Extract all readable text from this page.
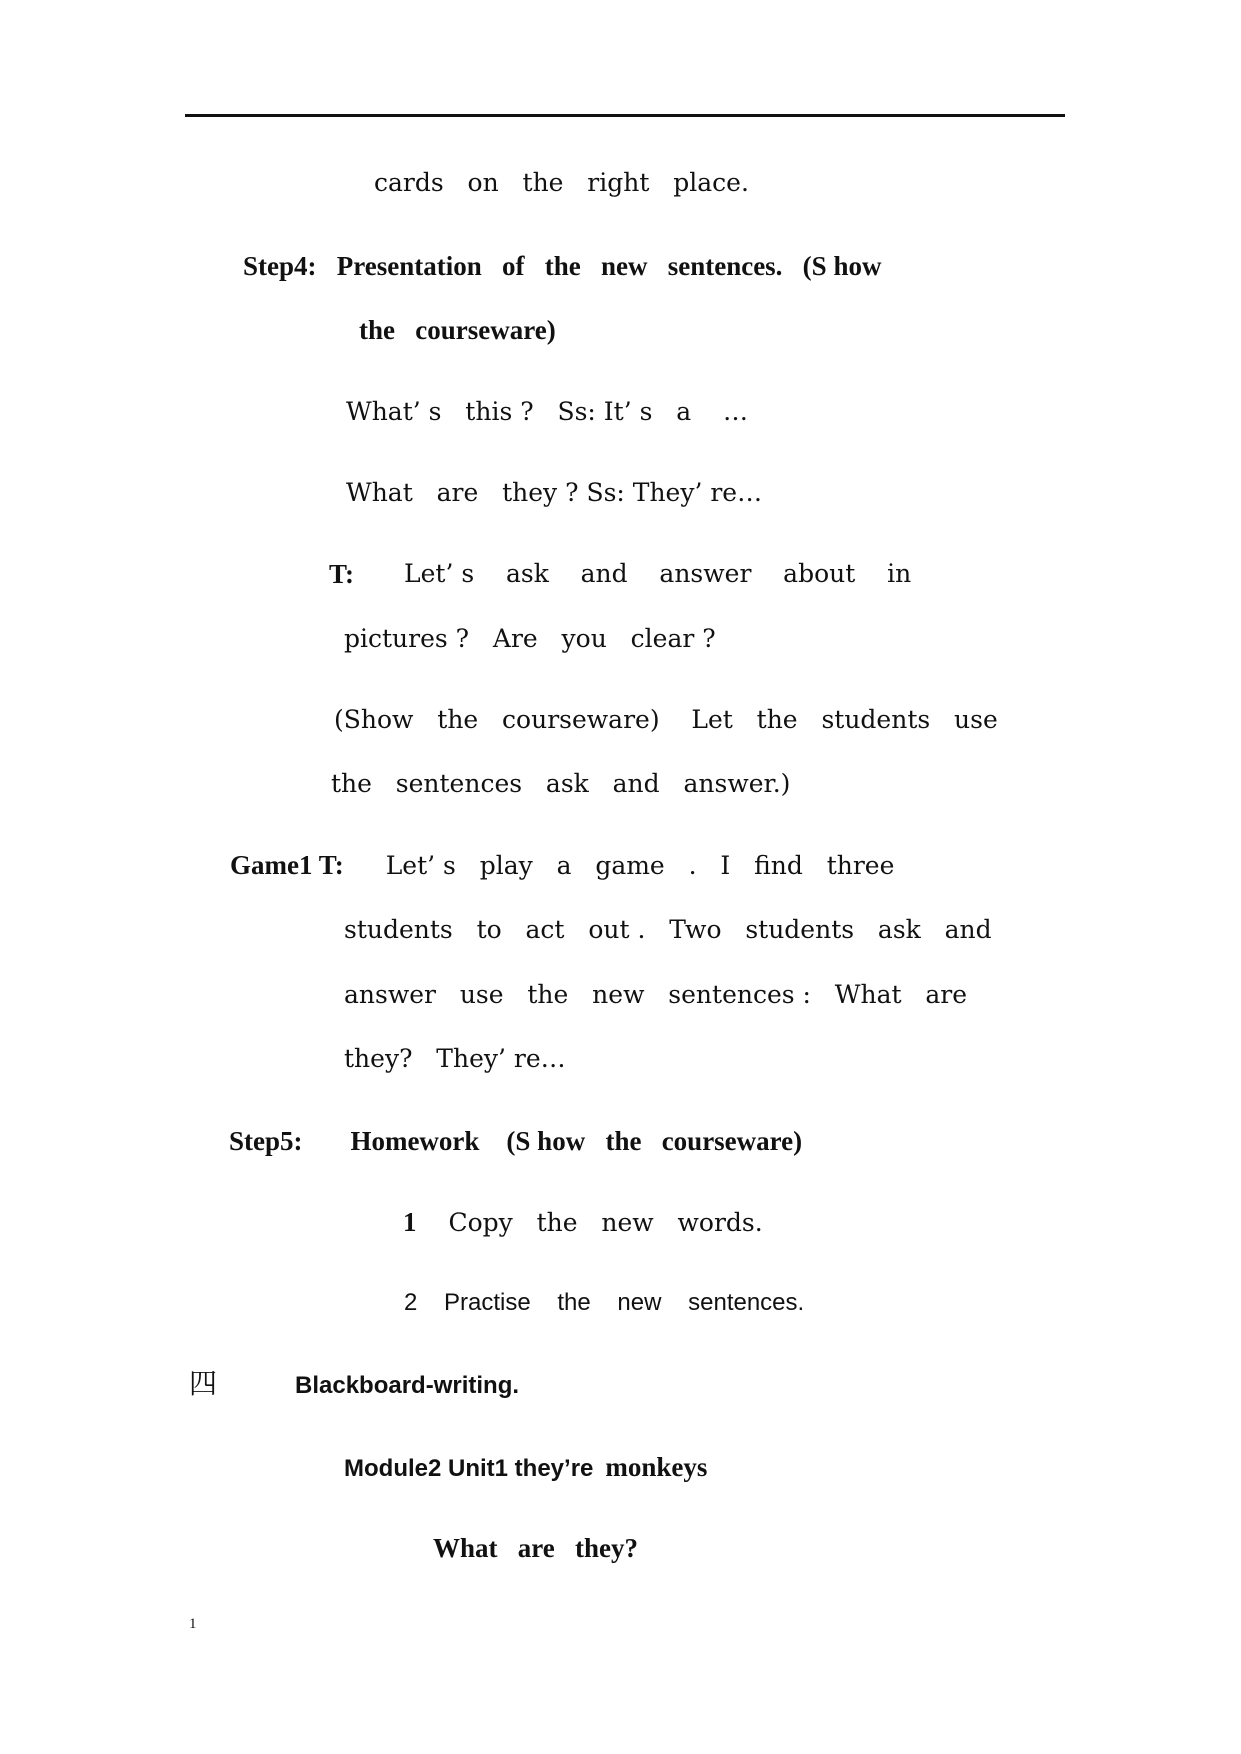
cards   on   the   right   place.
Step4:   Presentation   of   the   new   sentences.   (S how
the   courseware)
What’ s   this ?   Ss: It’ s   a    …
What   are   they ? Ss: They’ re…
T: Let’ s    ask    and    answer    about    in
pictures ?   Are   you   clear ?
(Show   the   courseware)    Let   the   students   use
the   sentences   ask   and   answer.)
Game1 T: Let’ s   play   a   game   .   I   find   three
students   to   act   out .   Two   students   ask   and
answer   use   the   new   sentences :   What   are
they?   They’ re…
Step5: Homework    (S how   the   courseware)
1 Copy   the   new   words.
2    Practise    the    new    sentences.
四	Blackboard-writing.
Module2 Unit1 they’re monkeys
What   are   they?
1
